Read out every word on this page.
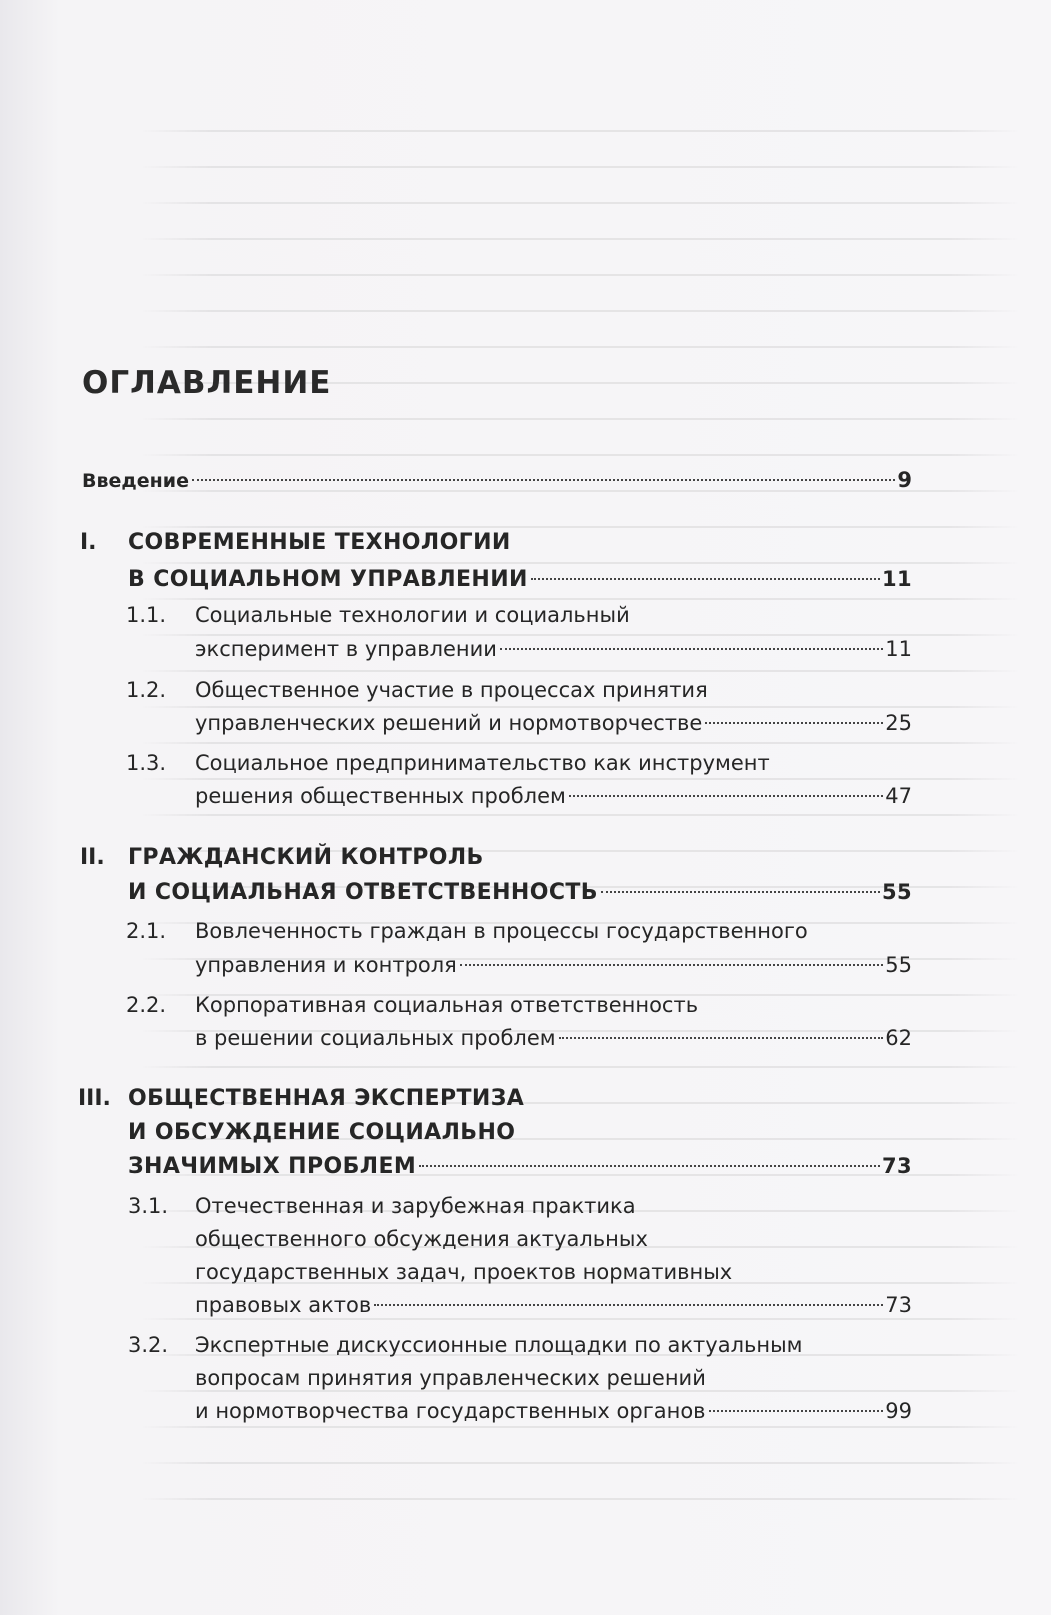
ОГЛАВЛЕНИЕ
Введение	9
I. СОВРЕМЕННЫЕ ТЕХНОЛОГИИ
В СОЦИАЛЬНОМ УПРАВЛЕНИИ	11
1.1. Социальные технологии и социальный
эксперимент в управлении	11
1.2. Общественное участие в процессах принятия
управленческих решений и нормотворчестве	25
1.3. Социальное предпринимательство как инструмент
решения общественных проблем	47
II. ГРАЖДАНСКИЙ КОНТРОЛЬ
И СОЦИАЛЬНАЯ ОТВЕТСТВЕННОСТЬ	55
2.1. Вовлеченность граждан в процессы государственного
управления и контроля	55
2.2. Корпоративная социальная ответственность
в решении социальных проблем	62
III. ОБЩЕСТВЕННАЯ ЭКСПЕРТИЗА
И ОБСУЖДЕНИЕ СОЦИАЛЬНО
ЗНАЧИМЫХ ПРОБЛЕМ	73
3.1. Отечественная и зарубежная практика
общественного обсуждения актуальных
государственных задач, проектов нормативных
правовых актов	73
3.2. Экспертные дискуссионные площадки по актуальным
вопросам принятия управленческих решений
и нормотворчества государственных органов	99
